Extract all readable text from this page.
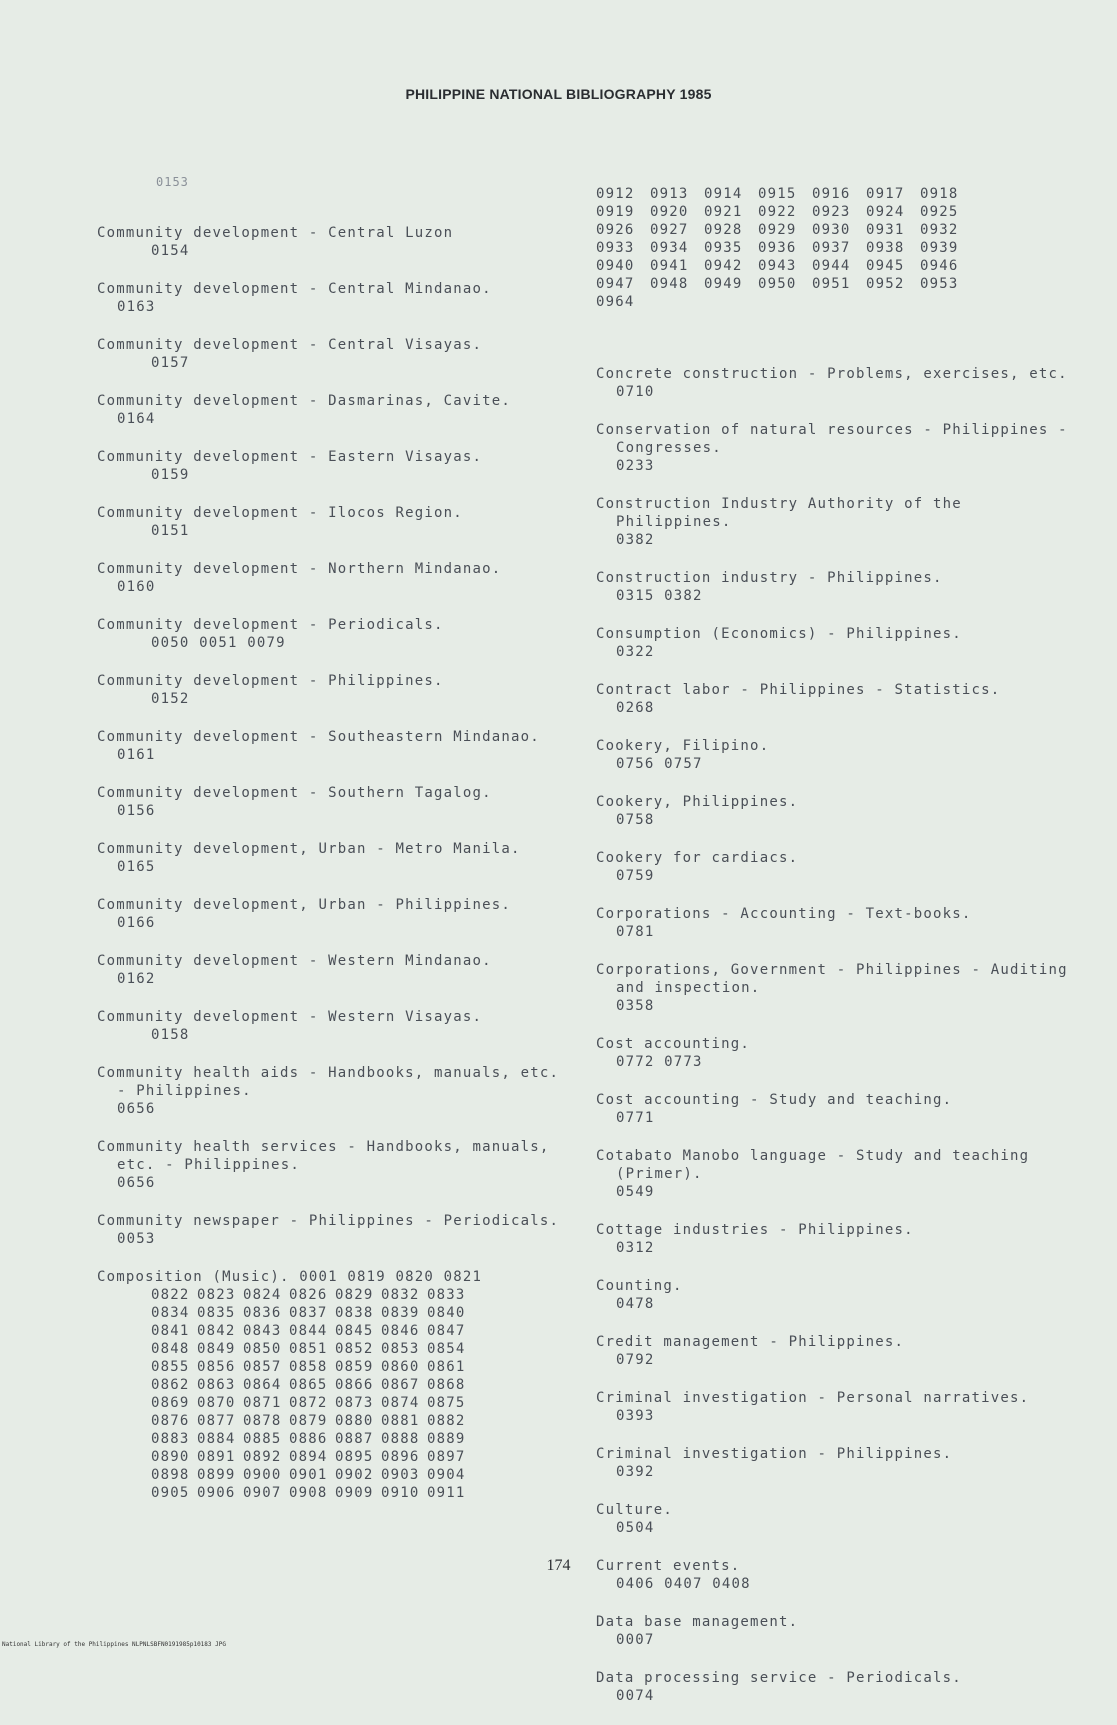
PHILIPPINE NATIONAL BIBLIOGRAPHY 1985
0153
Community development - Central Luzon
0154
Community development - Central Mindanao.
0163
Community development - Central Visayas.
0157
Community development - Dasmarinas, Cavite.
0164
Community development - Eastern Visayas.
0159
Community development - Ilocos Region.
0151
Community development - Northern Mindanao.
0160
Community development - Periodicals.
0050 0051 0079
Community development - Philippines.
0152
Community development - Southeastern Mindanao.
0161
Community development - Southern Tagalog.
0156
Community development, Urban - Metro Manila.
0165
Community development, Urban - Philippines.
0166
Community development - Western Mindanao.
0162
Community development - Western Visayas.
0158
Community health aids - Handbooks, manuals, etc. - Philippines.
0656
Community health services - Handbooks, manuals, etc. - Philippines.
0656
Community newspaper - Philippines - Periodicals.
0053
Composition (Music). 0001 0819 0820 0821
0822 0823 0824 0826 0829 0832 0833
0834 0835 0836 0837 0838 0839 0840
0841 0842 0843 0844 0845 0846 0847
0848 0849 0850 0851 0852 0853 0854
0855 0856 0857 0858 0859 0860 0861
0862 0863 0864 0865 0866 0867 0868
0869 0870 0871 0872 0873 0874 0875
0876 0877 0878 0879 0880 0881 0882
0883 0884 0885 0886 0887 0888 0889
0890 0891 0892 0894 0895 0896 0897
0898 0899 0900 0901 0902 0903 0904
0905 0906 0907 0908 0909 0910 0911
0912	0913	0914	0915	0916	0917	0918
0919	0920	0921	0922	0923	0924	0925
0926	0927	0928	0929	0930	0931	0932
0933	0934	0935	0936	0937	0938	0939
0940	0941	0942	0943	0944	0945	0946
0947	0948	0949	0950	0951	0952	0953
0964
Concrete construction - Problems, exercises, etc.
0710
Conservation of natural resources - Philippines - Congresses.
0233
Construction Industry Authority of the Philippines.
0382
Construction industry - Philippines.
0315 0382
Consumption (Economics) - Philippines.
0322
Contract labor - Philippines - Statistics.
0268
Cookery, Filipino.
0756 0757
Cookery, Philippines.
0758
Cookery for cardiacs.
0759
Corporations - Accounting - Text-books.
0781
Corporations, Government - Philippines - Auditing and inspection.
0358
Cost accounting.
0772 0773
Cost accounting - Study and teaching.
0771
Cotabato Manobo language - Study and teaching (Primer).
0549
Cottage industries - Philippines.
0312
Counting.
0478
Credit management - Philippines.
0792
Criminal investigation - Personal narratives.
0393
Criminal investigation - Philippines.
0392
Culture.
0504
Current events.
0406 0407 0408
Data base management.
0007
Data processing service - Periodicals.
0074
174
National Library of the Philippines NLPNLSBFN0191985p10183 JPG
